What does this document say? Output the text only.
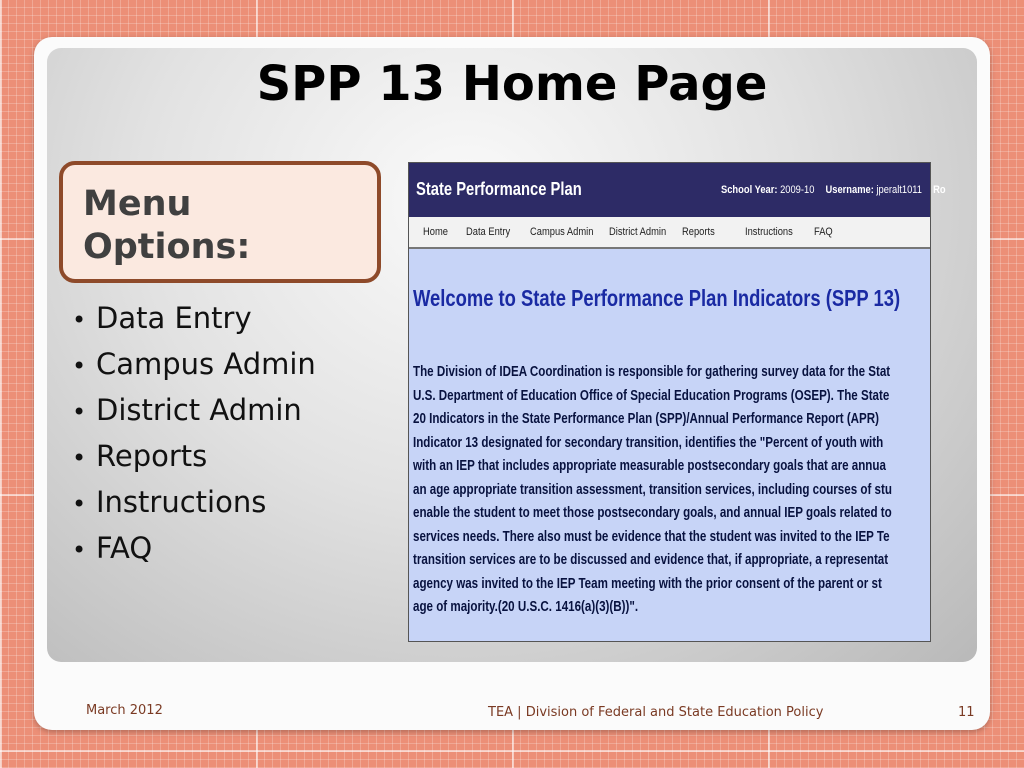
SPP 13 Home Page
Menu
Options:
• Data Entry
• Campus Admin
• District Admin
• Reports
• Instructions
• FAQ
State Performance Plan	School Year: 2009-10 Username: jperalt1011 Ro
Home Data Entry Campus Admin District Admin Reports	Instructions FAQ
Welcome to State Performance Plan Indicators (SPP 13)

The Division of IDEA Coordination is responsible for gathering survey data for the Stat
U.S. Department of Education Office of Special Education Programs (OSEP). The State
20 Indicators in the State Performance Plan (SPP)/Annual Performance Report (APR)
Indicator 13 designated for secondary transition, identifies the "Percent of youth with
with an IEP that includes appropriate measurable postsecondary goals that are annua
an age appropriate transition assessment, transition services, including courses of stu
enable the student to meet those postsecondary goals, and annual IEP goals related to
services needs. There also must be evidence that the student was invited to the IEP Te
transition services are to be discussed and evidence that, if appropriate, a representat
agency was invited to the IEP Team meeting with the prior consent of the parent or st
age of majority.(20 U.S.C. 1416(a)(3)(B))".

March 2012	TEA | Division of Federal and State Education Policy	11
